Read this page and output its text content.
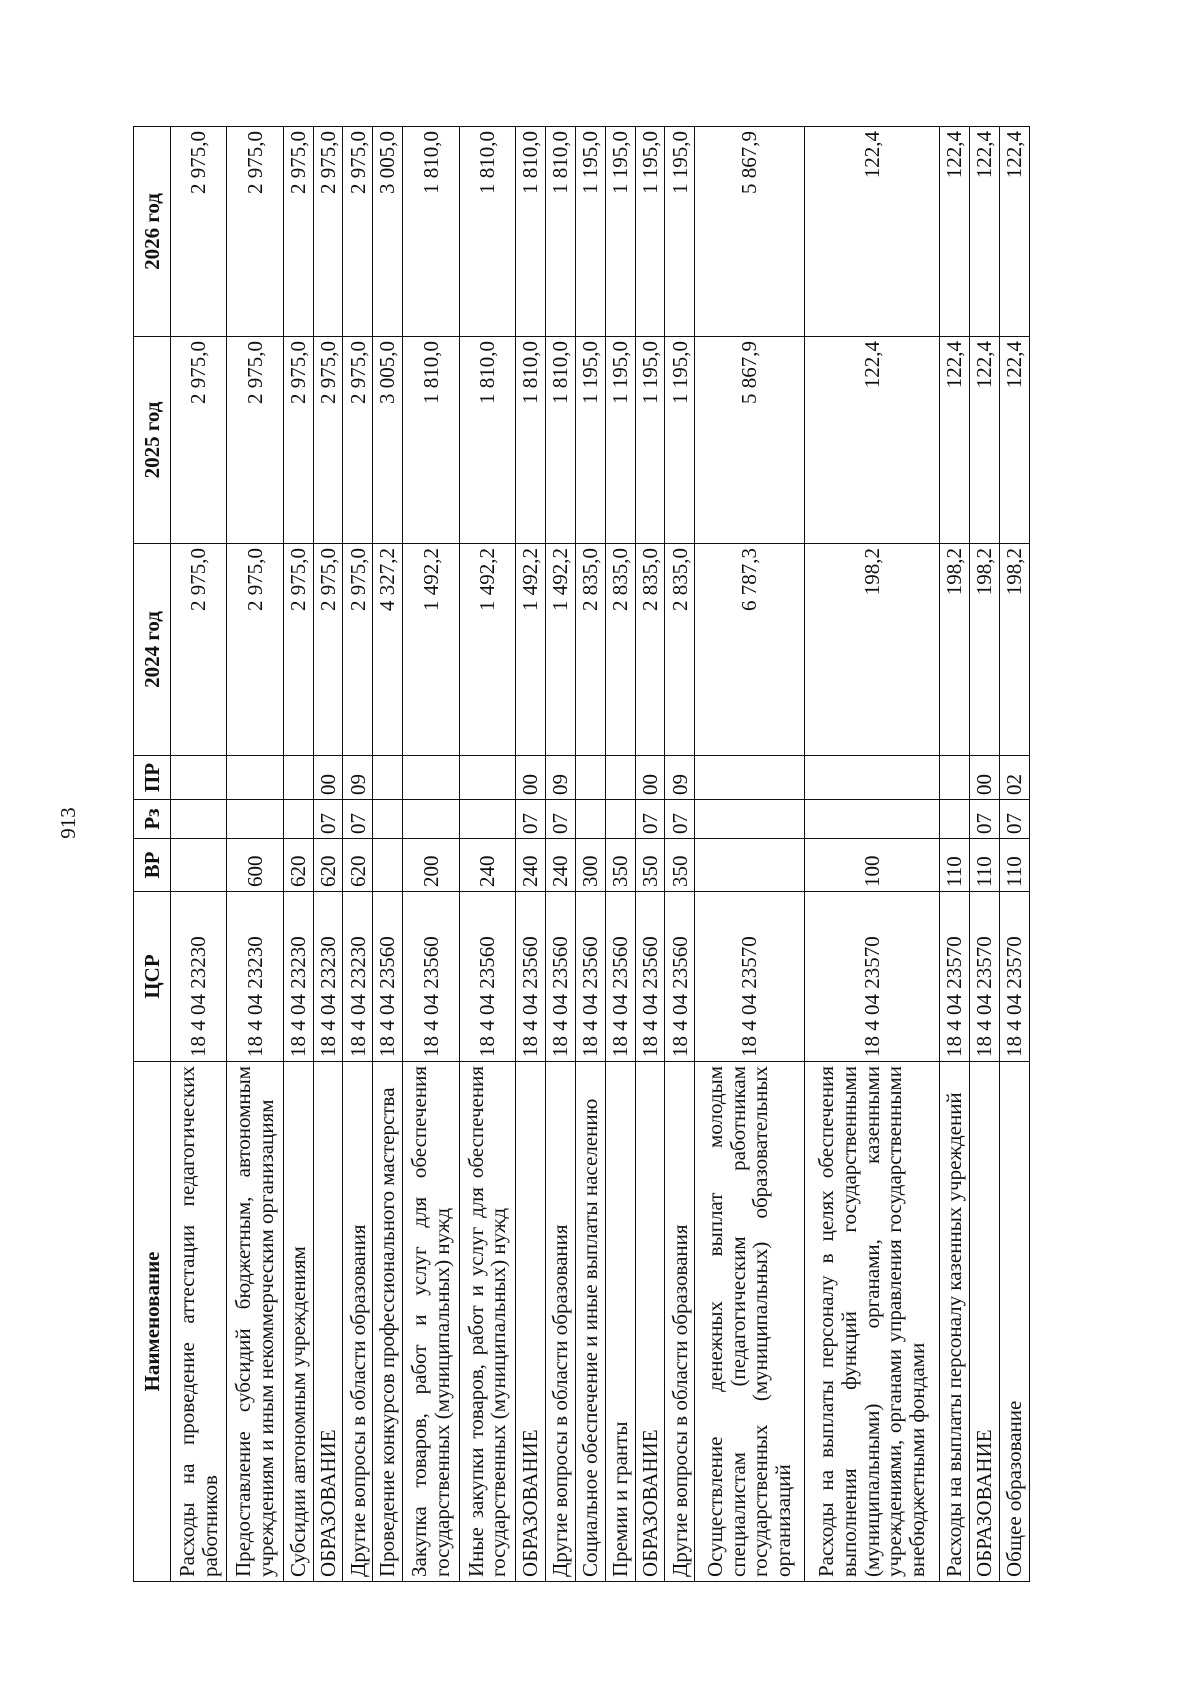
913
Наименование	ЦСР	ВР	Рз	ПР	2024 год	2025 год	2026 год
Расходы на проведение аттестации педагогических работников	18 4 04 23230				2 975,0	2 975,0	2 975,0
Предоставление субсидий бюджетным, автономным учреждениям и иным некоммерческим организациям	18 4 04 23230	600			2 975,0	2 975,0	2 975,0
Субсидии автономным учреждениям	18 4 04 23230	620			2 975,0	2 975,0	2 975,0
ОБРАЗОВАНИЕ	18 4 04 23230	620	07	00	2 975,0	2 975,0	2 975,0
Другие вопросы в области образования	18 4 04 23230	620	07	09	2 975,0	2 975,0	2 975,0
Проведение конкурсов профессионального мастерства	18 4 04 23560				4 327,2	3 005,0	3 005,0
Закупка товаров, работ и услуг для обеспечения государственных (муниципальных) нужд	18 4 04 23560	200			1 492,2	1 810,0	1 810,0
Иные закупки товаров, работ и услуг для обеспечения государственных (муниципальных) нужд	18 4 04 23560	240			1 492,2	1 810,0	1 810,0
ОБРАЗОВАНИЕ	18 4 04 23560	240	07	00	1 492,2	1 810,0	1 810,0
Другие вопросы в области образования	18 4 04 23560	240	07	09	1 492,2	1 810,0	1 810,0
Социальное обеспечение и иные выплаты населению	18 4 04 23560	300			2 835,0	1 195,0	1 195,0
Премии и гранты	18 4 04 23560	350			2 835,0	1 195,0	1 195,0
ОБРАЗОВАНИЕ	18 4 04 23560	350	07	00	2 835,0	1 195,0	1 195,0
Другие вопросы в области образования	18 4 04 23560	350	07	09	2 835,0	1 195,0	1 195,0
Осуществление денежных выплат молодым специалистам (педагогическим работникам государственных (муниципальных) образовательных организаций	18 4 04 23570				6 787,3	5 867,9	5 867,9
Расходы на выплаты персоналу в целях обеспечения выполнения функций государственными (муниципальными) органами, казенными учреждениями, органами управления государственными внебюджетными фондами	18 4 04 23570	100			198,2	122,4	122,4
Расходы на выплаты персоналу казенных учреждений	18 4 04 23570	110			198,2	122,4	122,4
ОБРАЗОВАНИЕ	18 4 04 23570	110	07	00	198,2	122,4	122,4
Общее образование	18 4 04 23570	110	07	02	198,2	122,4	122,4
